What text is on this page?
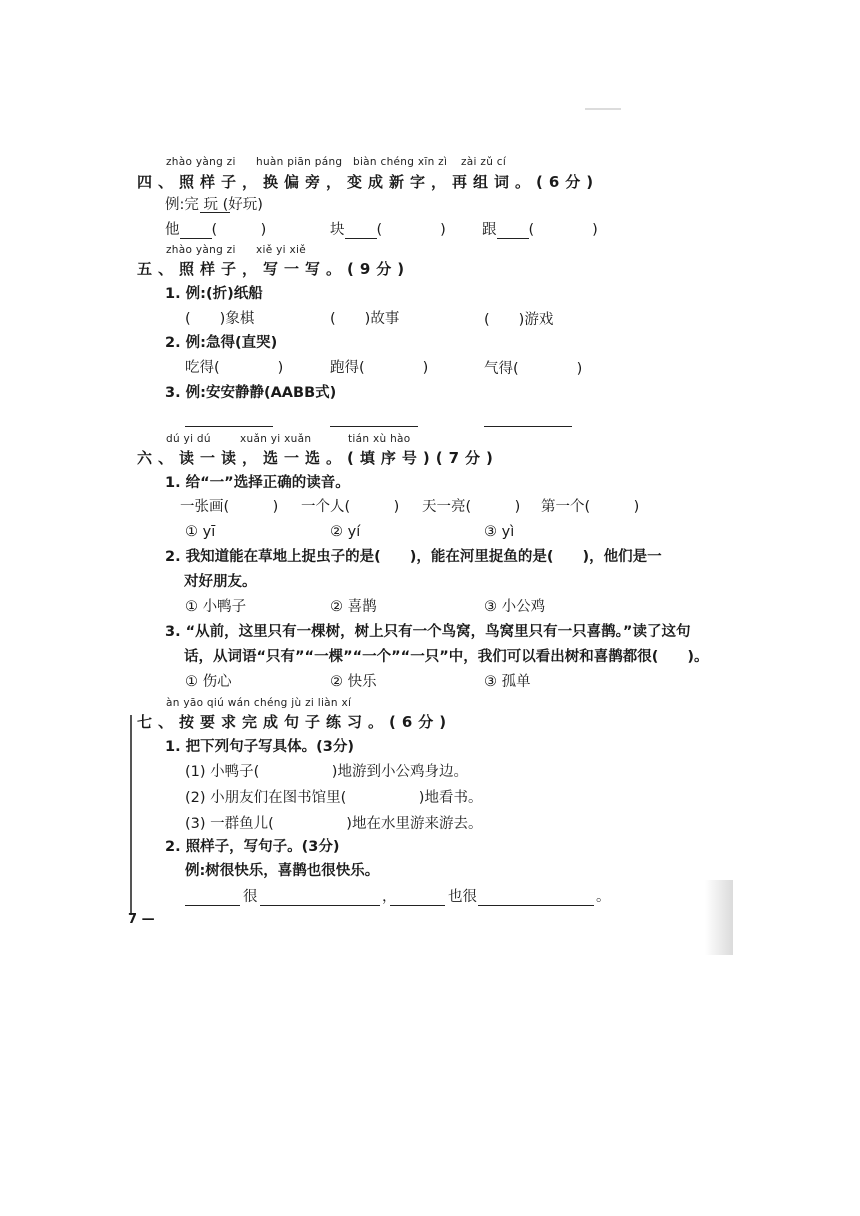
zhào yàng zi huàn piān páng biàn chéng xīn zì zài zǔ cí
四、照样子，换偏旁，变成新字，再组词。(6分)
例:完 玩 (好玩)
他 (　　　)	块 (　　　　) 跟 (　　　　)
zhào yàng zi xiě yi xiě
五、照样子，写一写。(9分)
1. 例:(折)纸船
(　　)象棋	(　　)故事	(　　)游戏
2. 例:急得(直哭)
吃得(　　　　)	跑得(　　　　)	气得(　　　　)
3. 例:安安静静(AABB式)
dú yi dú	xuǎn yi xuǎn	tián xù hào
六、读一读，选一选。(填序号)(7分)
1. 给“一”选择正确的读音。
一张画(　　　) 一个人(　　　) 天一亮(　　　) 第一个(　　　)
① yī	② yí	③ yì
2. 我知道能在草地上捉虫子的是(　　)，能在河里捉鱼的是(　　)，他们是一
对好朋友。
① 小鸭子	② 喜鹊	③ 小公鸡
3. “从前，这里只有一棵树，树上只有一个鸟窝，鸟窝里只有一只喜鹊。”读了这句
话，从词语“只有”“一棵”“一个”“一只”中，我们可以看出树和喜鹊都很(　　)。
① 伤心	② 快乐	③ 孤单
àn yāo qiú wán chéng jù zi liàn xí
七、按要求完成句子练习。(6分)
1. 把下列句子写具体。(3分)
(1) 小鸭子(　　　　　)地游到小公鸡身边。
(2) 小朋友们在图书馆里(　　　　　)地看书。
(3) 一群鱼儿(　　　　　)地在水里游来游去。
2. 照样子，写句子。(3分)
例:树很快乐，喜鹊也很快乐。
很	，	也很	。
7 —
